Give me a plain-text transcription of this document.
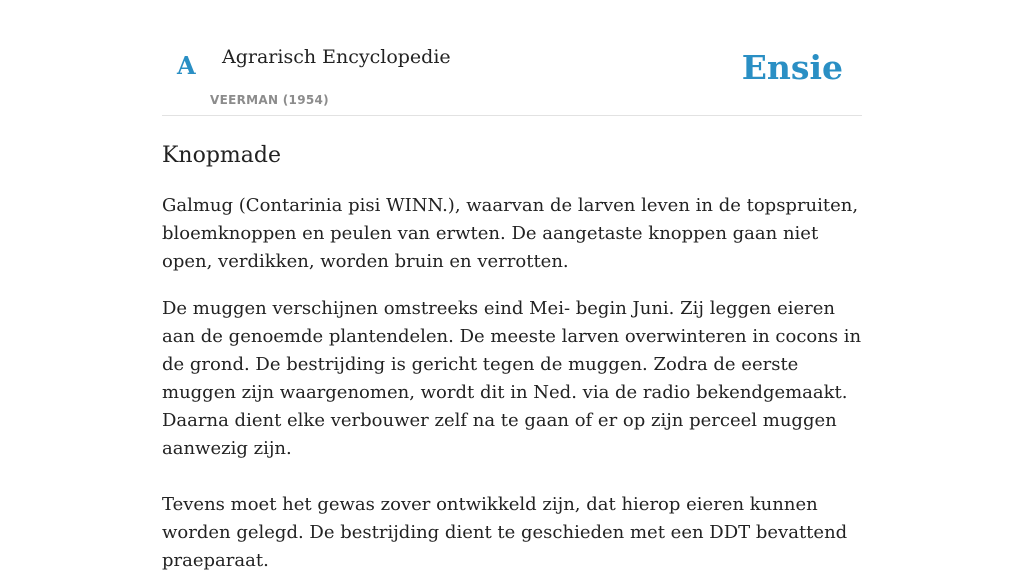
A Agrarisch Encyclopedie
VEERMAN (1954)
Ensie
Knopmade

Galmug (Contarinia pisi WINN.), waarvan de larven leven in de topspruiten, bloemknoppen en peulen van erwten. De aangetaste knoppen gaan niet open, verdikken, worden bruin en verrotten.

De muggen verschijnen omstreeks eind Mei- begin Juni. Zij leggen eieren aan de genoemde plantendelen. De meeste larven overwinteren in cocons in de grond. De bestrijding is gericht tegen de muggen. Zodra de eerste muggen zijn waargenomen, wordt dit in Ned. via de radio bekendgemaakt. Daarna dient elke verbouwer zelf na te gaan of er op zijn perceel muggen aanwezig zijn.

Tevens moet het gewas zover ontwikkeld zijn, dat hierop eieren kunnen worden gelegd. De bestrijding dient te geschieden met een DDT bevattend praeparaat.
